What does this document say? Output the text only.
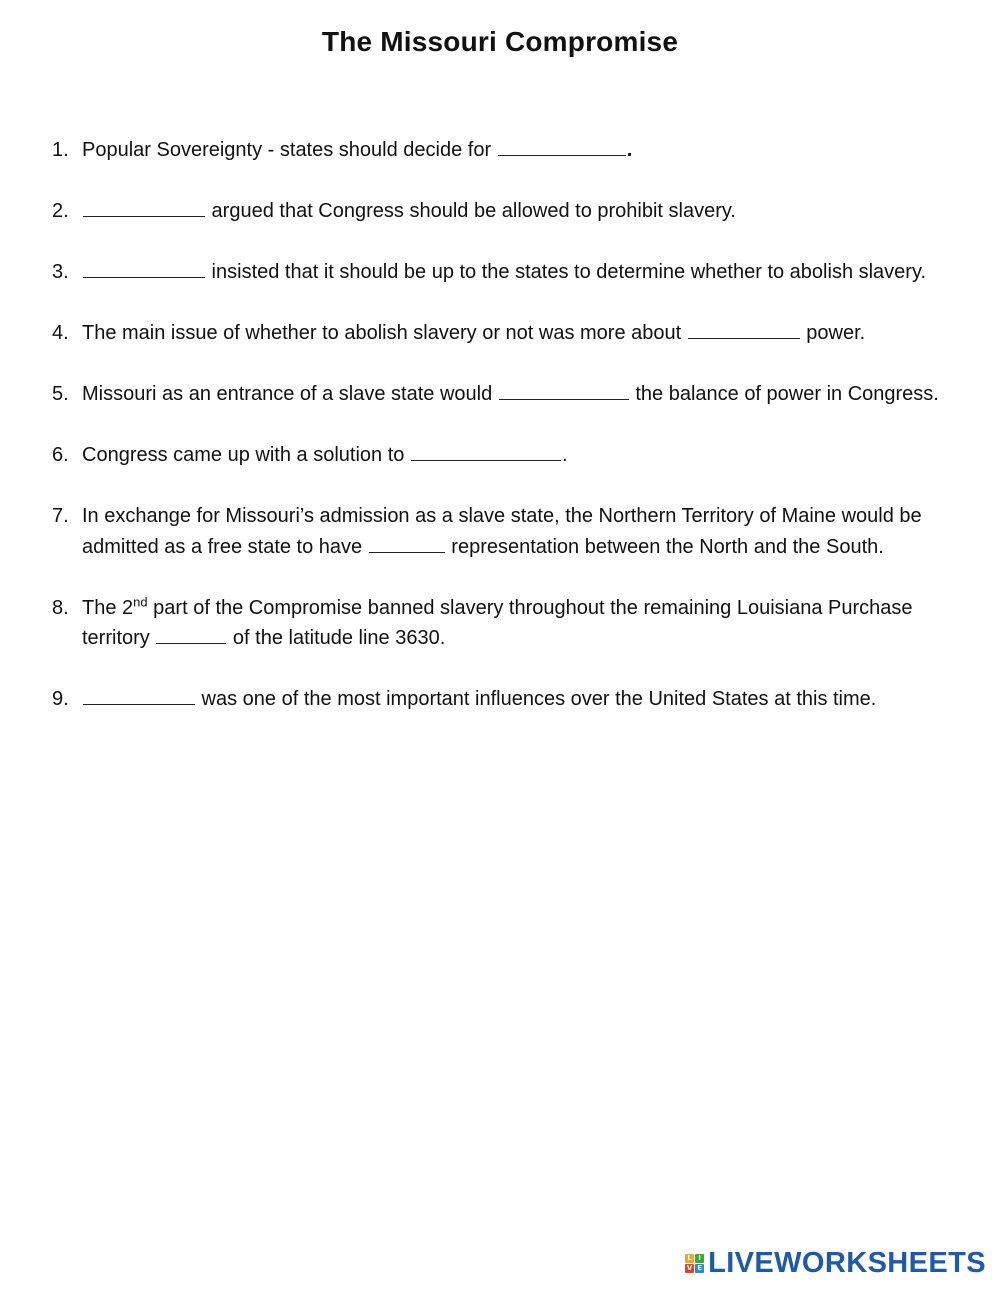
The Missouri Compromise
1. Popular Sovereignty - states should decide for	.
2.	argued that Congress should be allowed to prohibit slavery.
3.	insisted that it should be up to the states to determine whether to abolish slavery.
4. The main issue of whether to abolish slavery or not was more about	power.
5. Missouri as an entrance of a slave state would	the balance of power in Congress.
6. Congress came up with a solution to	.
7. In exchange for Missouri’s admission as a slave state, the Northern Territory of Maine would be admitted as a free state to have	representation between the North and the South.
8. The 2nd part of the Compromise banned slavery throughout the remaining Louisiana Purchase territory	of the latitude line 3630.
9.	was one of the most important influences over the United States at this time.
L I
V E LIVEWORKSHEETS
